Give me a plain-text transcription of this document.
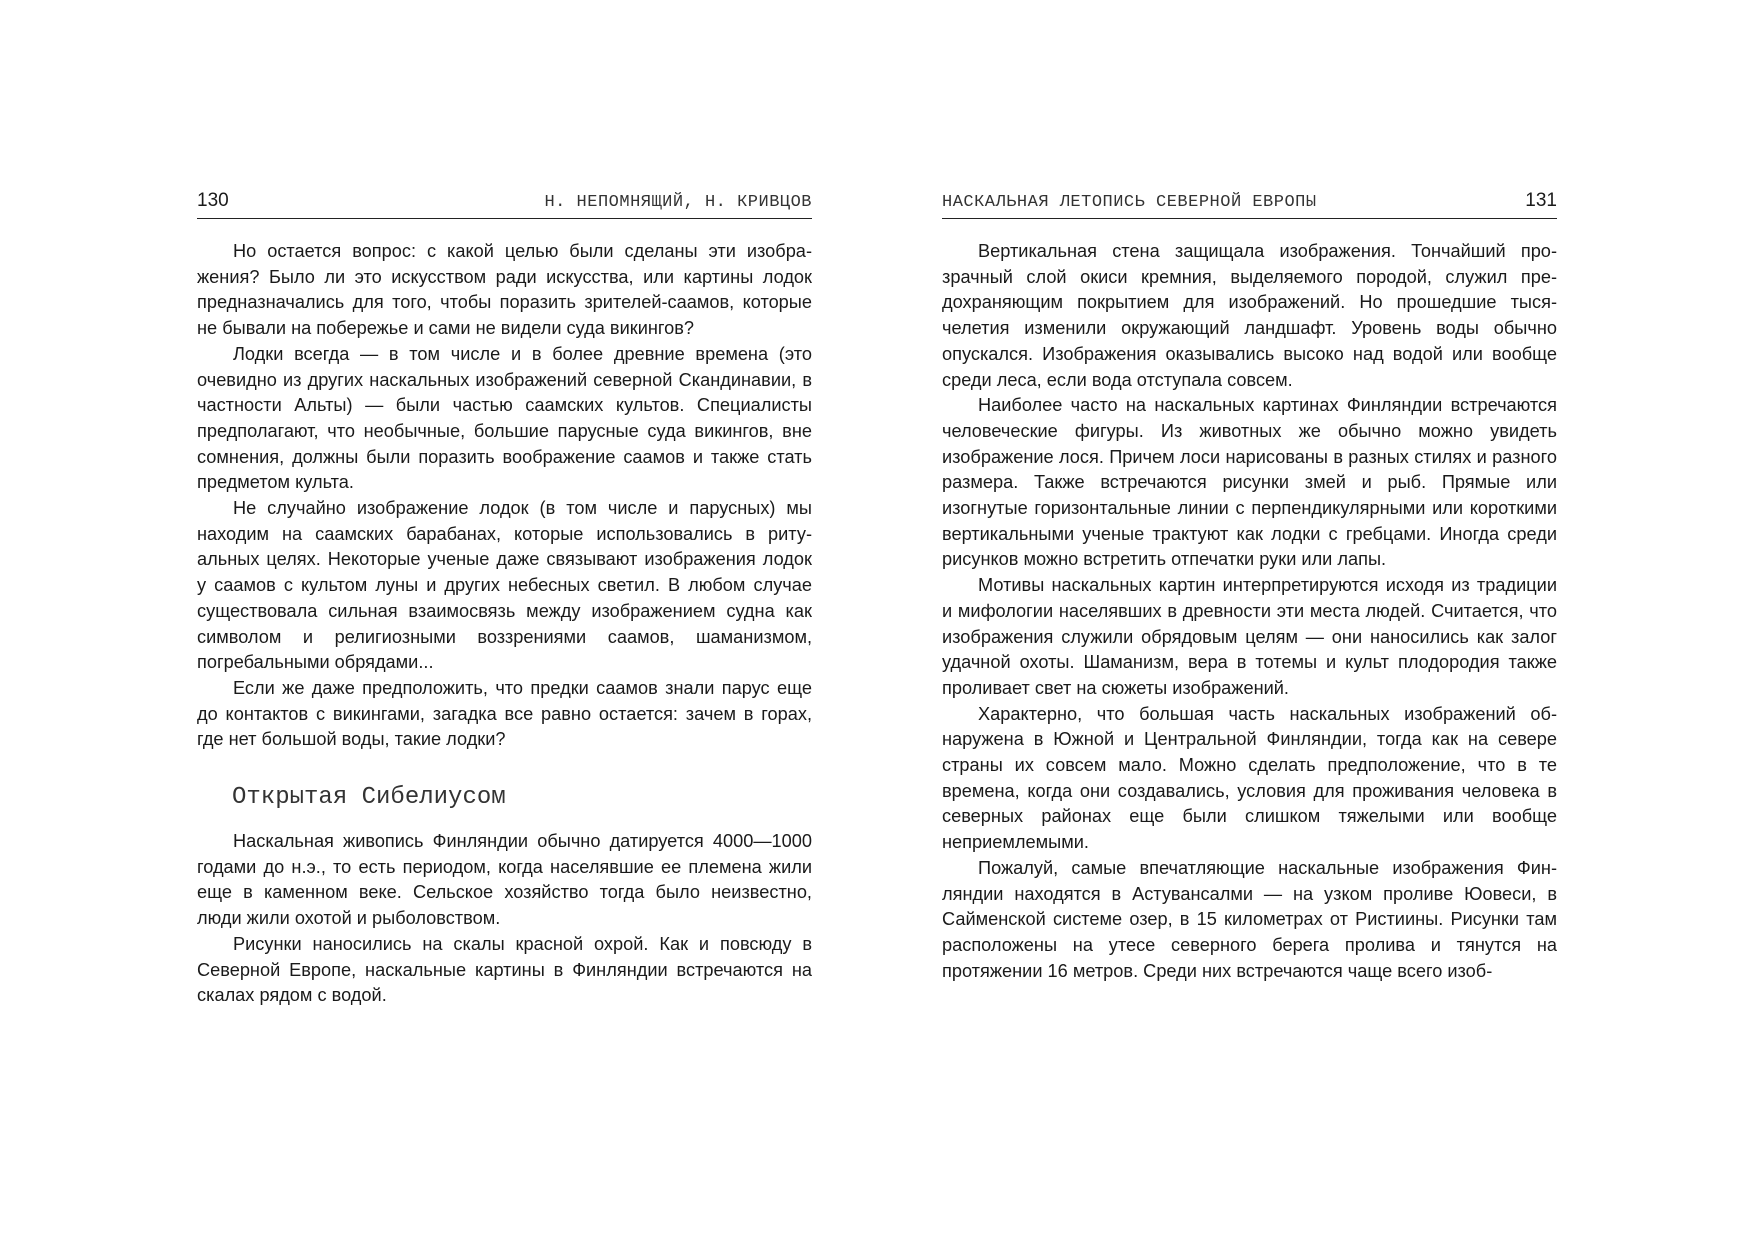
130	Н. НЕПОМНЯЩИЙ, Н. КРИВЦОВ

Но остается вопрос: с какой целью были сделаны эти изображения? Было ли это искусством ради искусства, или картины лодок предназначались для того, чтобы поразить зрителей-саамов, которые не бывали на побережье и сами не видели суда викингов?

Лодки всегда — в том числе и в более древние времена (это очевидно из других наскальных изображений северной Скандинавии, в частности Альты) — были частью саамских культов. Специалисты предполагают, что необычные, большие парусные суда викингов, вне сомнения, должны были поразить воображение саамов и также стать предметом культа.

Не случайно изображение лодок (в том числе и парусных) мы находим на саамских барабанах, которые использовались в ритуальных целях. Некоторые ученые даже связывают изображения лодок у саамов с культом луны и других небесных светил. В любом случае существовала сильная взаимосвязь между изображением судна как символом и религиозными воззрениями саамов, шаманизмом, погребальными обрядами...

Если же даже предположить, что предки саамов знали парус еще до контактов с викингами, загадка все равно остается: зачем в горах, где нет большой воды, такие лодки?

Открытая Сибелиусом

Наскальная живопись Финляндии обычно датируется 4000—1000 годами до н.э., то есть периодом, когда населявшие ее племена жили еще в каменном веке. Сельское хозяйство тогда было неизвестно, люди жили охотой и рыболовством.

Рисунки наносились на скалы красной охрой. Как и повсюду в Северной Европе, наскальные картины в Финляндии встречаются на скалах рядом с водой.

НАСКАЛЬНАЯ ЛЕТОПИСЬ СЕВЕРНОЙ ЕВРОПЫ	131

Вертикальная стена защищала изображения. Тончайший прозрачный слой окиси кремния, выделяемого породой, служил предохраняющим покрытием для изображений. Но прошедшие тысячелетия изменили окружающий ландшафт. Уровень воды обычно опускался. Изображения оказывались высоко над водой или вообще среди леса, если вода отступала совсем.

Наиболее часто на наскальных картинах Финляндии встречаются человеческие фигуры. Из животных же обычно можно увидеть изображение лося. Причем лоси нарисованы в разных стилях и разного размера. Также встречаются рисунки змей и рыб. Прямые или изогнутые горизонтальные линии с перпендикулярными или короткими вертикальными ученые трактуют как лодки с гребцами. Иногда среди рисунков можно встретить отпечатки руки или лапы.

Мотивы наскальных картин интерпретируются исходя из традиции и мифологии населявших в древности эти места людей. Считается, что изображения служили обрядовым целям — они наносились как залог удачной охоты. Шаманизм, вера в тотемы и культ плодородия также проливает свет на сюжеты изображений.

Характерно, что большая часть наскальных изображений обнаружена в Южной и Центральной Финляндии, тогда как на севере страны их совсем мало. Можно сделать предположение, что в те времена, когда они создавались, условия для проживания человека в северных районах еще были слишком тяжелыми или вообще неприемлемыми.

Пожалуй, самые впечатляющие наскальные изображения Финляндии находятся в Астувансалми — на узком проливе Юовеси, в Сайменской системе озер, в 15 километрах от Ристиины. Рисунки там расположены на утесе северного берега пролива и тянутся на протяжении 16 метров. Среди них встречаются чаще всего изоб-
